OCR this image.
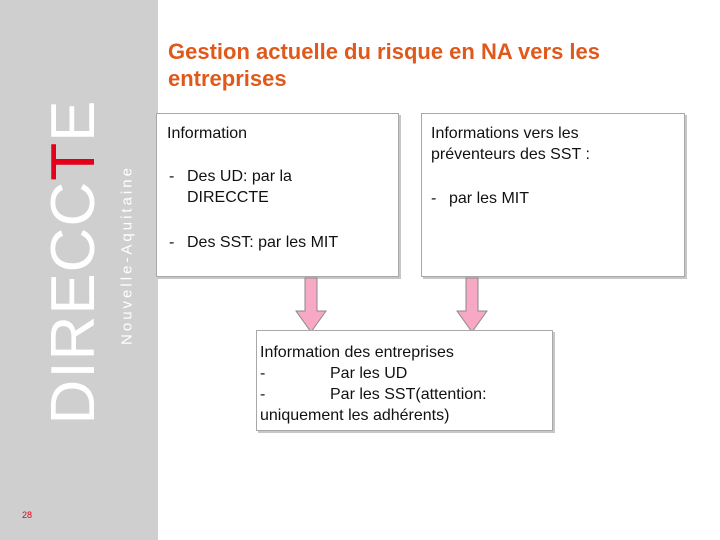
DIRECCTE
Nouvelle-Aquitaine
28
Gestion actuelle du risque en NA vers les entreprises
Information
- Des UD: par la DIRECCTE
- Des SST: par les MIT
Informations vers les préventeurs des SST :
- par les MIT
Information des entreprises
-	Par les UD
-	Par les SST(attention:
uniquement les adhérents)
